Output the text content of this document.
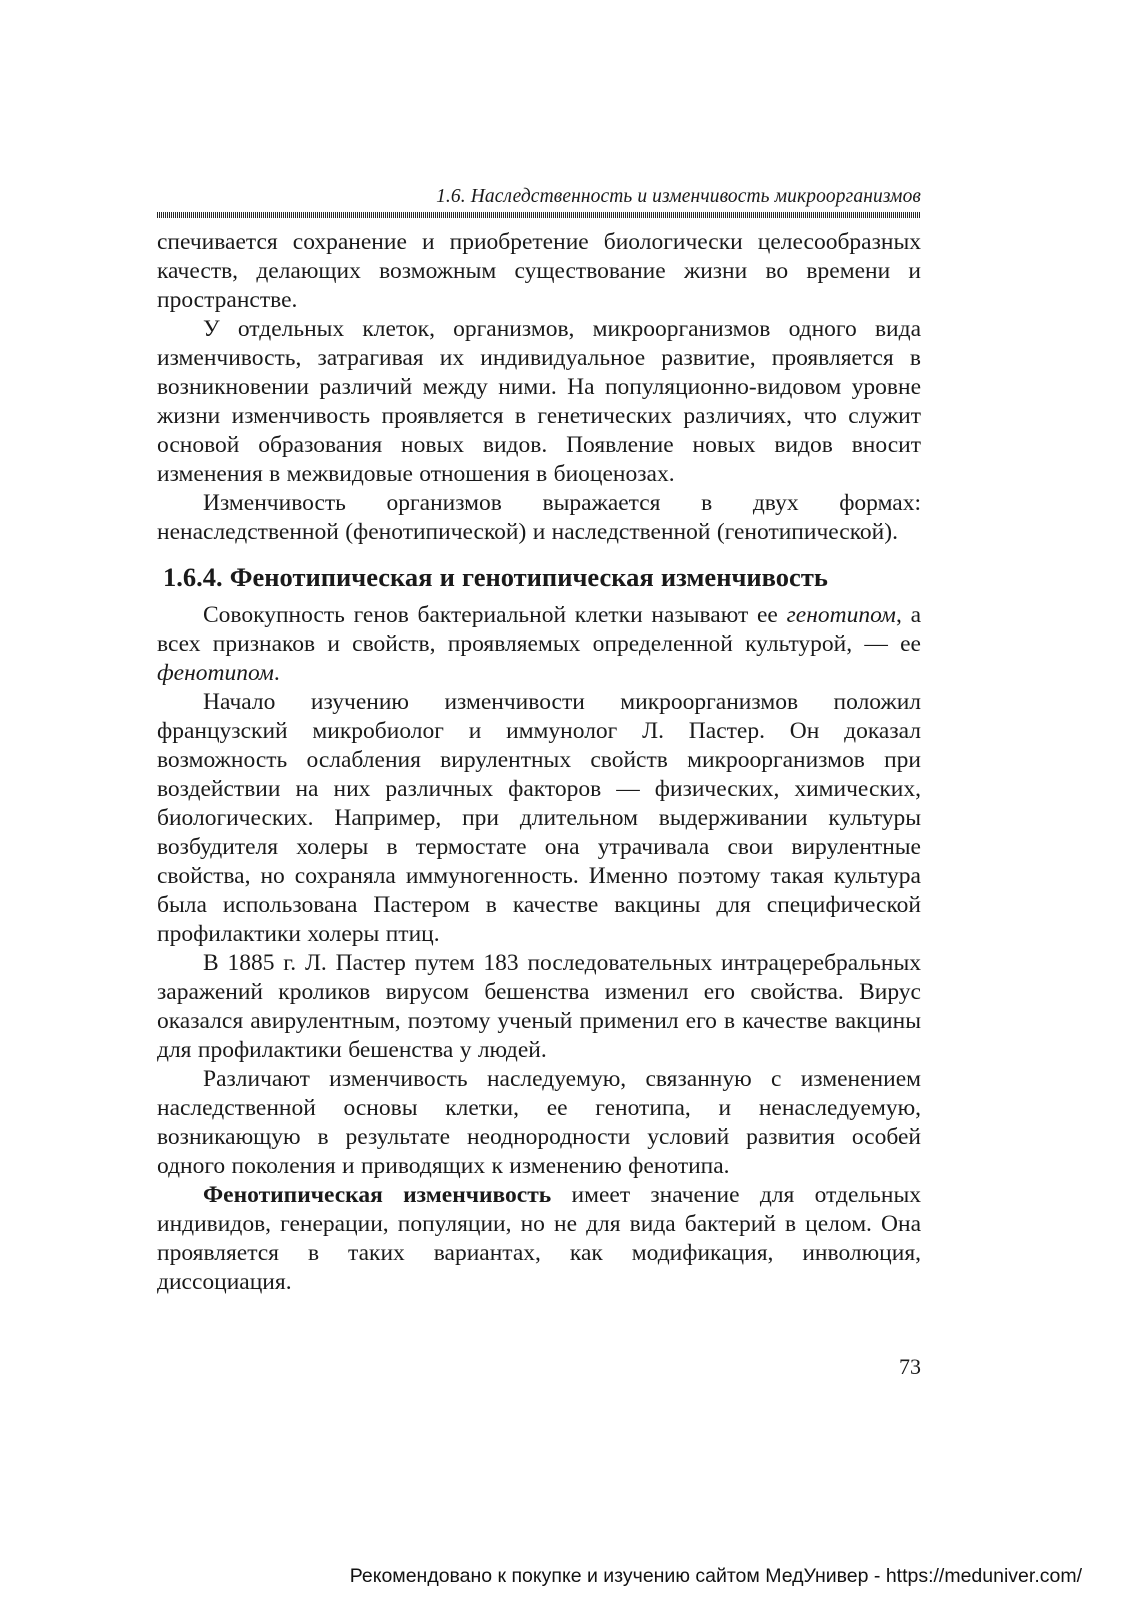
1.6. Наследственность и изменчивость микроорганизмов

спечивается сохранение и приобретение биологически целесообразных качеств, делающих возможным существование жизни во времени и пространстве.

У отдельных клеток, организмов, микроорганизмов одного вида изменчивость, затрагивая их индивидуальное развитие, проявляется в возникновении различий между ними. На популяционно-видовом уровне жизни изменчивость проявляется в генетических различиях, что служит основой образования новых видов. Появление новых видов вносит изменения в межвидовые отношения в биоценозах.

Изменчивость организмов выражается в двух формах: ненаследственной (фенотипической) и наследственной (генотипической).

1.6.4. Фенотипическая и генотипическая изменчивость

Совокупность генов бактериальной клетки называют ее генотипом, а всех признаков и свойств, проявляемых определенной культурой, — ее фенотипом.

Начало изучению изменчивости микроорганизмов положил французский микробиолог и иммунолог Л. Пастер. Он доказал возможность ослабления вирулентных свойств микроорганизмов при воздействии на них различных факторов — физических, химических, биологических. Например, при длительном выдерживании культуры возбудителя холеры в термостате она утрачивала свои вирулентные свойства, но сохраняла иммуногенность. Именно поэтому такая культура была использована Пастером в качестве вакцины для специфической профилактики холеры птиц.

В 1885 г. Л. Пастер путем 183 последовательных интрацеребральных заражений кроликов вирусом бешенства изменил его свойства. Вирус оказался авирулентным, поэтому ученый применил его в качестве вакцины для профилактики бешенства у людей.

Различают изменчивость наследуемую, связанную с изменением наследственной основы клетки, ее генотипа, и ненаследуемую, возникающую в результате неоднородности условий развития особей одного поколения и приводящих к изменению фенотипа.

Фенотипическая изменчивость имеет значение для отдельных индивидов, генерации, популяции, но не для вида бактерий в целом. Она проявляется в таких вариантах, как модификация, инволюция, диссоциация.

73
Рекомендовано к покупке и изучению сайтом МедУнивер - https://meduniver.com/
